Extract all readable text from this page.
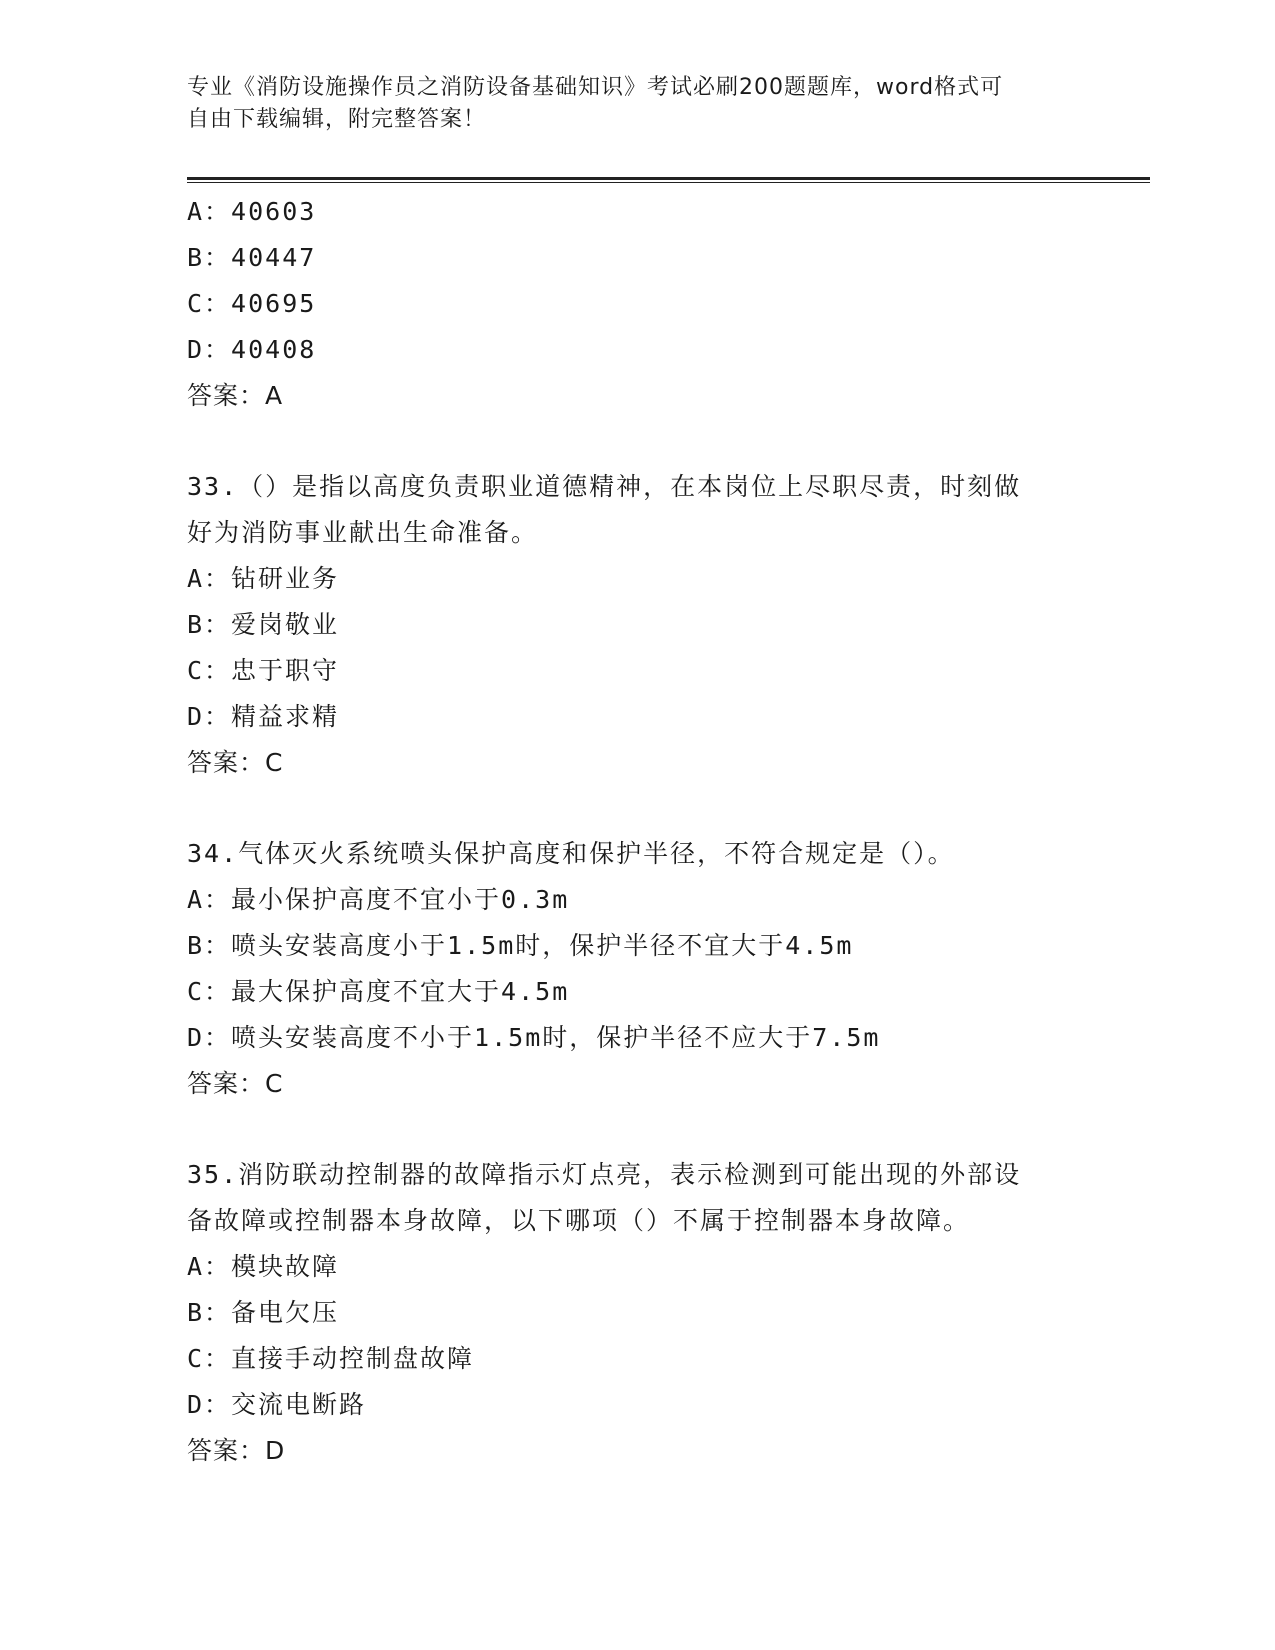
专业《消防设施操作员之消防设备基础知识》考试必刷200题题库，word格式可
自由下载编辑，附完整答案！
A：40603
B：40447
C：40695
D：40408
答案：A
33.（）是指以高度负责职业道德精神，在本岗位上尽职尽责，时刻做
好为消防事业献出生命准备。
A：钻研业务
B：爱岗敬业
C：忠于职守
D：精益求精
答案：C
34.气体灭火系统喷头保护高度和保护半径，不符合规定是（）。
A：最小保护高度不宜小于0.3m
B：喷头安装高度小于1.5m时，保护半径不宜大于4.5m
C：最大保护高度不宜大于4.5m
D：喷头安装高度不小于1.5m时，保护半径不应大于7.5m
答案：C
35.消防联动控制器的故障指示灯点亮，表示检测到可能出现的外部设
备故障或控制器本身故障，以下哪项（）不属于控制器本身故障。
A：模块故障
B：备电欠压
C：直接手动控制盘故障
D：交流电断路
答案：D
